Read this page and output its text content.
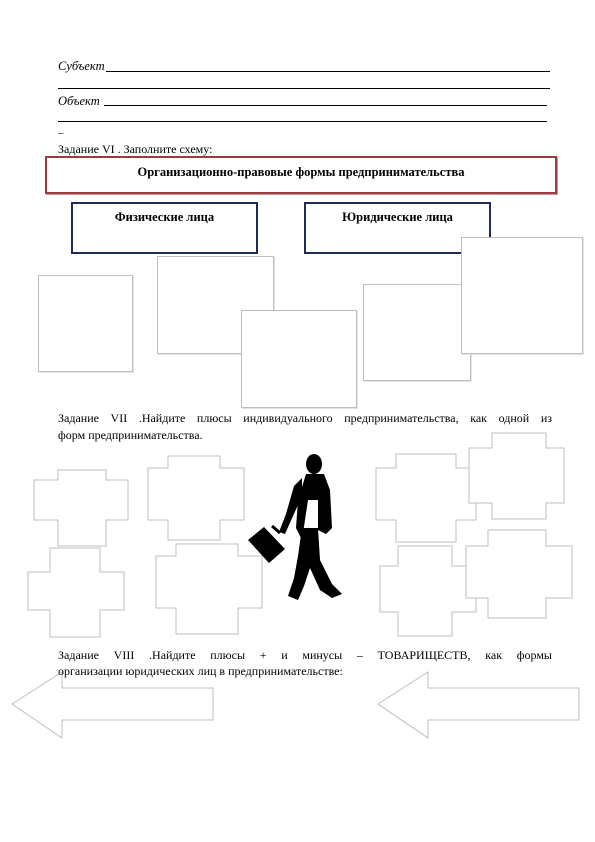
Субъект
Объект
_
Задание VI . Заполните схему:
Организационно-правовые формы предпринимательства
Физические лица	Юридические лица
Задание VII .Найдите плюсы индивидуального предпринимательства, как одной из
форм предпринимательства.
Задание VIII .Найдите плюсы + и минусы – ТОВАРИЩЕСТВ, как формы
организации юридических лиц в предпринимательстве:
